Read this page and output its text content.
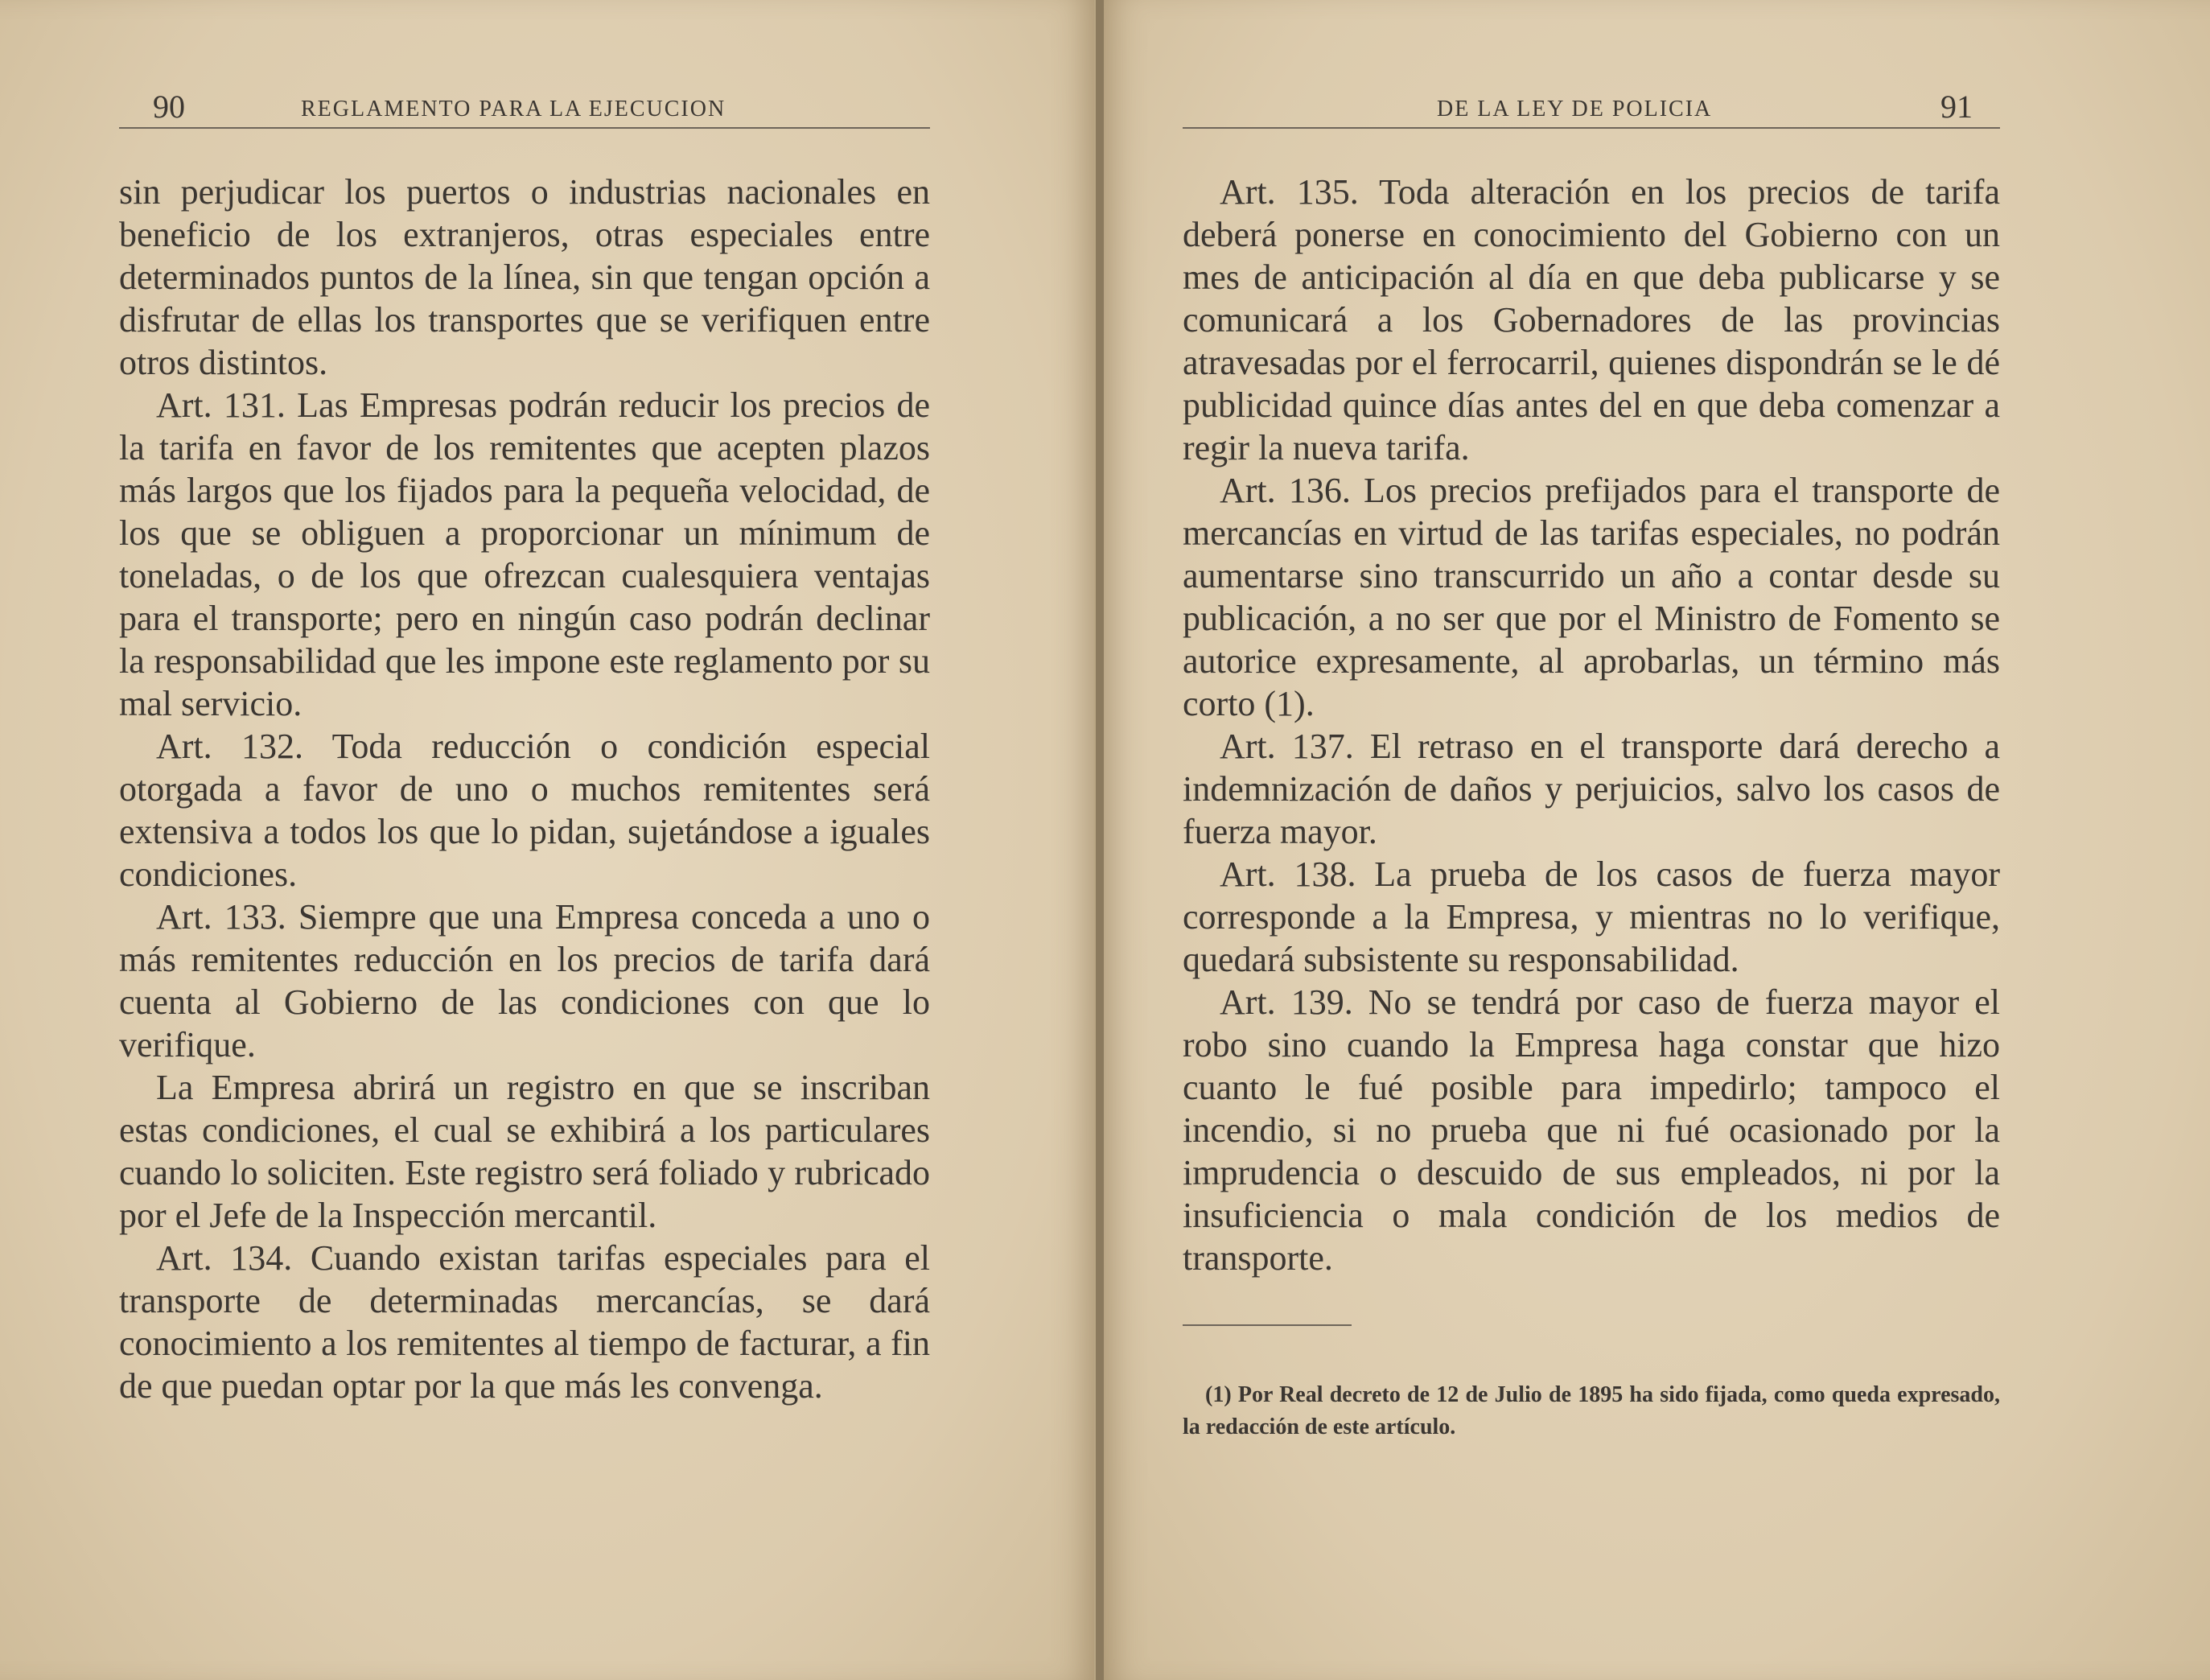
90	REGLAMENTO PARA LA EJECUCION

sin perjudicar los puertos o industrias nacionales en beneficio de los extranjeros, otras especiales entre determinados puntos de la línea, sin que tengan opción a disfrutar de ellas los transportes que se verifiquen entre otros distintos.

Art. 131. Las Empresas podrán reducir los precios de la tarifa en favor de los remitentes que acepten plazos más largos que los fijados para la pequeña velocidad, de los que se obliguen a proporcionar un mínimum de toneladas, o de los que ofrezcan cualesquiera ventajas para el transporte; pero en ningún caso podrán declinar la responsabilidad que les impone este reglamento por su mal servicio.

Art. 132. Toda reducción o condición especial otorgada a favor de uno o muchos remitentes será extensiva a todos los que lo pidan, sujetándose a iguales condiciones.

Art. 133. Siempre que una Empresa conceda a uno o más remitentes reducción en los precios de tarifa dará cuenta al Gobierno de las condiciones con que lo verifique.

La Empresa abrirá un registro en que se inscriban estas condiciones, el cual se exhibirá a los particulares cuando lo soliciten. Este registro será foliado y rubricado por el Jefe de la Inspección mercantil.

Art. 134. Cuando existan tarifas especiales para el transporte de determinadas mercancías, se dará conocimiento a los remitentes al tiempo de facturar, a fin de que puedan optar por la que más les convenga.

DE LA LEY DE POLICIA	91

Art. 135. Toda alteración en los precios de tarifa deberá ponerse en conocimiento del Gobierno con un mes de anticipación al día en que deba publicarse y se comunicará a los Gobernadores de las provincias atravesadas por el ferrocarril, quienes dispondrán se le dé publicidad quince días antes del en que deba comenzar a regir la nueva tarifa.

Art. 136. Los precios prefijados para el transporte de mercancías en virtud de las tarifas especiales, no podrán aumentarse sino transcurrido un año a contar desde su publicación, a no ser que por el Ministro de Fomento se autorice expresamente, al aprobarlas, un término más corto (1).

Art. 137. El retraso en el transporte dará derecho a indemnización de daños y perjuicios, salvo los casos de fuerza mayor.

Art. 138. La prueba de los casos de fuerza mayor corresponde a la Empresa, y mientras no lo verifique, quedará subsistente su responsabilidad.

Art. 139. No se tendrá por caso de fuerza mayor el robo sino cuando la Empresa haga constar que hizo cuanto le fué posible para impedirlo; tampoco el incendio, si no prueba que ni fué ocasionado por la imprudencia o descuido de sus empleados, ni por la insuficiencia o mala condición de los medios de transporte.

(1) Por Real decreto de 12 de Julio de 1895 ha sido fijada, como queda expresado, la redacción de este artículo.
